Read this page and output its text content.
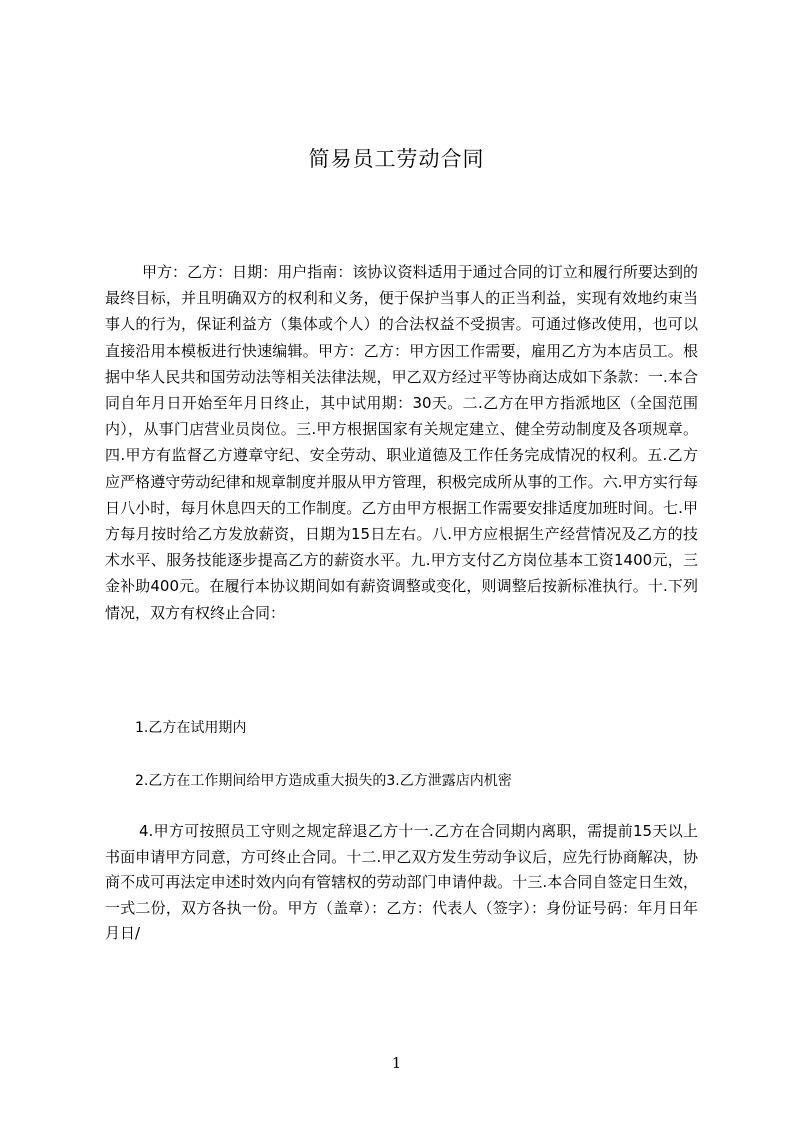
简易员工劳动合同

甲方：乙方：日期：用户指南：该协议资料适用于通过合同的订立和履行所要达到的最终目标，并且明确双方的权利和义务，便于保护当事人的正当利益，实现有效地约束当事人的行为，保证利益方（集体或个人）的合法权益不受损害。可通过修改使用，也可以直接沿用本模板进行快速编辑。甲方：乙方：甲方因工作需要，雇用乙方为本店员工。根据中华人民共和国劳动法等相关法律法规，甲乙双方经过平等协商达成如下条款：一.本合同自年月日开始至年月日终止，其中试用期：30天。二.乙方在甲方指派地区（全国范围内），从事门店营业员岗位。三.甲方根据国家有关规定建立、健全劳动制度及各项规章。四.甲方有监督乙方遵章守纪、安全劳动、职业道德及工作任务完成情况的权利。五.乙方应严格遵守劳动纪律和规章制度并服从甲方管理，积极完成所从事的工作。六.甲方实行每日八小时，每月休息四天的工作制度。乙方由甲方根据工作需要安排适度加班时间。七.甲方每月按时给乙方发放薪资，日期为15日左右。八.甲方应根据生产经营情况及乙方的技术水平、服务技能逐步提高乙方的薪资水平。九.甲方支付乙方岗位基本工资1400元，三金补助400元。在履行本协议期间如有薪资调整或变化，则调整后按新标准执行。十.下列情况，双方有权终止合同：

1.乙方在试用期内

2.乙方在工作期间给甲方造成重大损失的3.乙方泄露店内机密

4.甲方可按照员工守则之规定辞退乙方十一.乙方在合同期内离职，需提前15天以上书面申请甲方同意，方可终止合同。十二.甲乙双方发生劳动争议后，应先行协商解决，协商不成可再法定申述时效内向有管辖权的劳动部门申请仲裁。十三.本合同自签定日生效，一式二份，双方各执一份。甲方（盖章）：乙方：代表人（签字）：身份证号码：年月日年月日/

1
